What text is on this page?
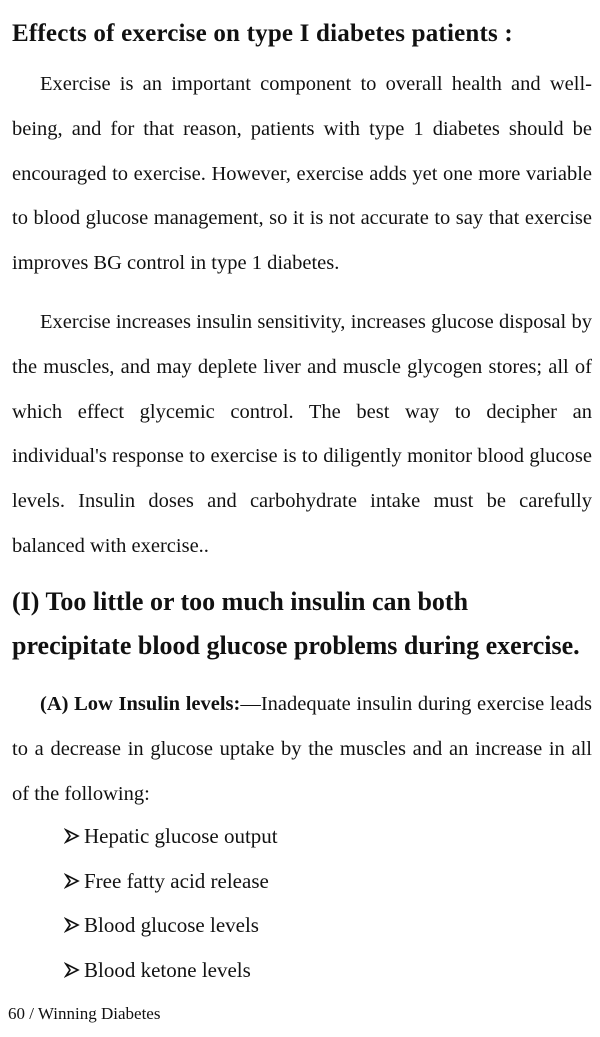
Effects of exercise on type I diabetes patients :

Exercise is an important component to overall health and well-being, and for that reason, patients with type 1 diabetes should be encouraged to exercise. However, exercise adds yet one more variable to blood glucose management, so it is not accurate to say that exercise improves BG control in type 1 diabetes.

Exercise increases insulin sensitivity, increases glucose disposal by the muscles, and may deplete liver and muscle glycogen stores; all of which effect glycemic control. The best way to decipher an individual's response to exercise is to diligently monitor blood glucose levels. Insulin doses and carbohydrate intake must be carefully balanced with exercise..

(I) Too little or too much insulin can both precipitate blood glucose problems during exercise.

(A) Low Insulin levels:—Inadequate insulin during exercise leads to a decrease in glucose uptake by the muscles and an increase in all of the following:

Hepatic glucose output
Free fatty acid release
Blood glucose levels
Blood ketone levels
60 / Winning Diabetes
